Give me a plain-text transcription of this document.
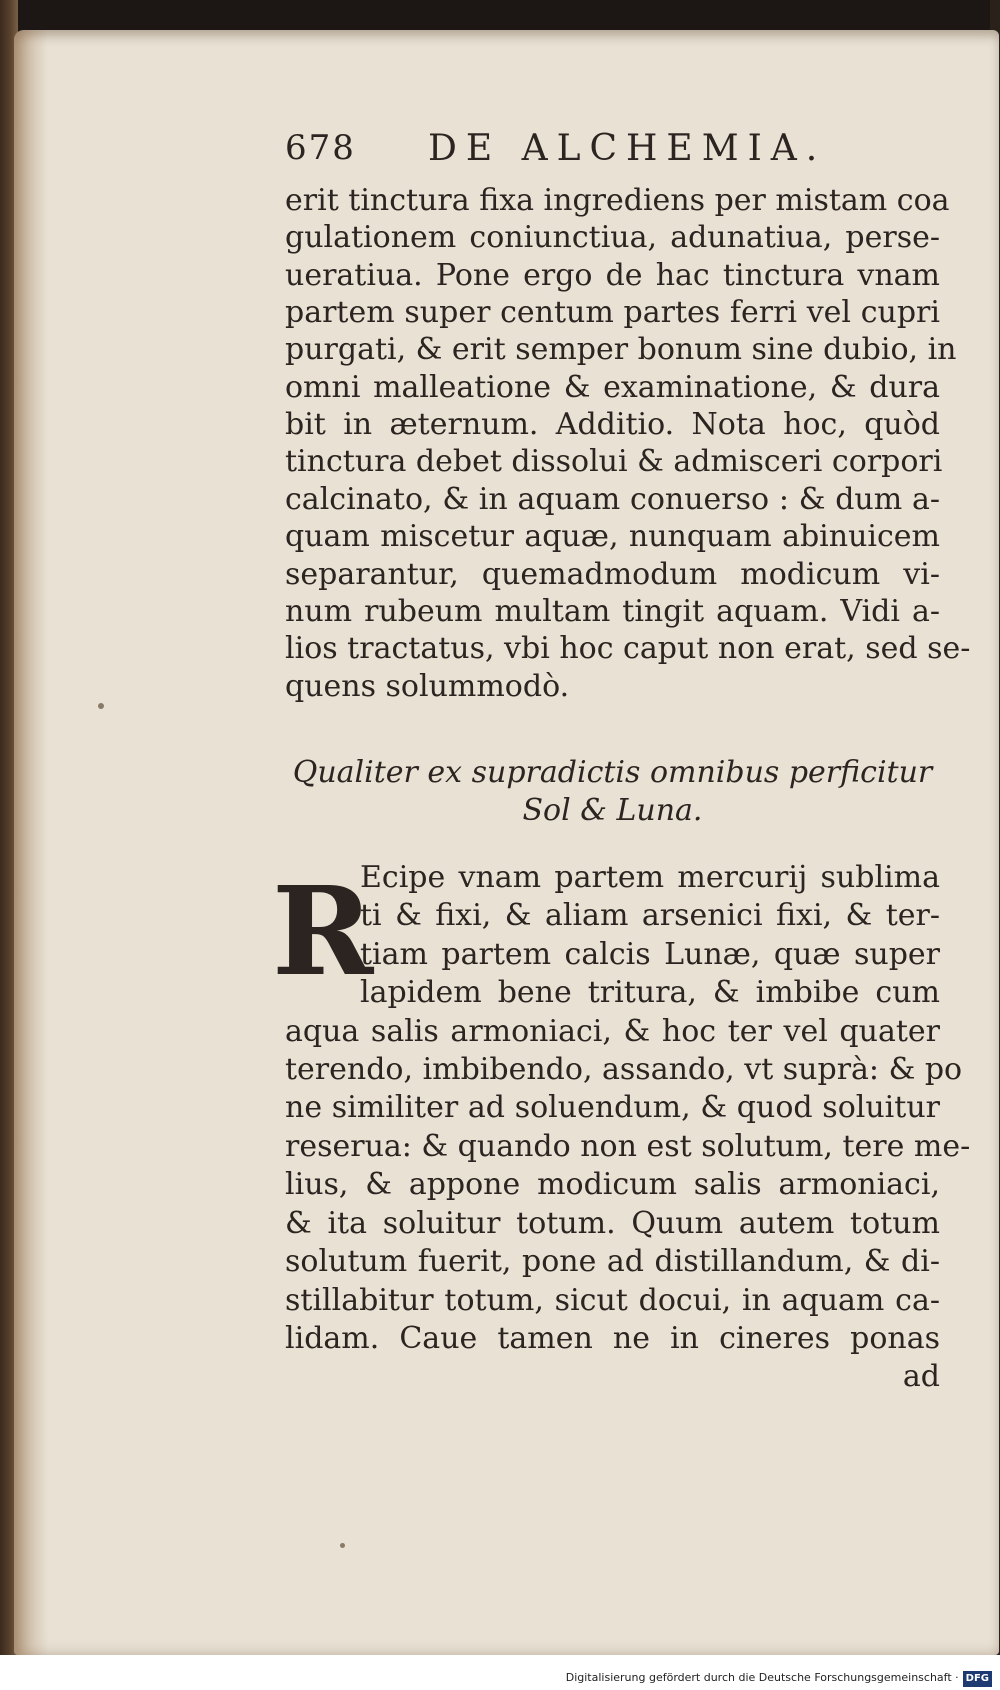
678 DE ALCHEMIA.
erit tinctura fixa ingrediens per mistam coa
gulationem coniunctiua, adunatiua, perse-
ueratiua. Pone ergo de hac tinctura vnam
partem super centum partes ferri vel cupri
purgati, & erit semper bonum sine dubio, in
omni malleatione & examinatione, & dura
bit in æternum. Additio. Nota hoc, quòd
tinctura debet dissolui & admisceri corpori
calcinato, & in aquam conuerso : & dum a-
quam miscetur aquæ, nunquam abinuicem
separantur, quemadmodum modicum vi-
num rubeum multam tingit aquam. Vidi a-
lios tractatus, vbi hoc caput non erat, sed se-
quens solummodò.
Qualiter ex supradictis omnibus perficitur
Sol & Luna.
R
Ecipe vnam partem mercurij sublima
ti & fixi, & aliam arsenici fixi, & ter-
tiam partem calcis Lunæ, quæ super
lapidem bene tritura, & imbibe cum
aqua salis armoniaci, & hoc ter vel quater
terendo, imbibendo, assando, vt suprà: & po
ne similiter ad soluendum, & quod soluitur
reserua: & quando non est solutum, tere me-
lius, & appone modicum salis armoniaci,
& ita soluitur totum. Quum autem totum
solutum fuerit, pone ad distillandum, & di-
stillabitur totum, sicut docui, in aquam ca-
lidam. Caue tamen ne in cineres ponas
ad
Digitalisierung gefördert durch die Deutsche Forschungsgemeinschaft · DFG
